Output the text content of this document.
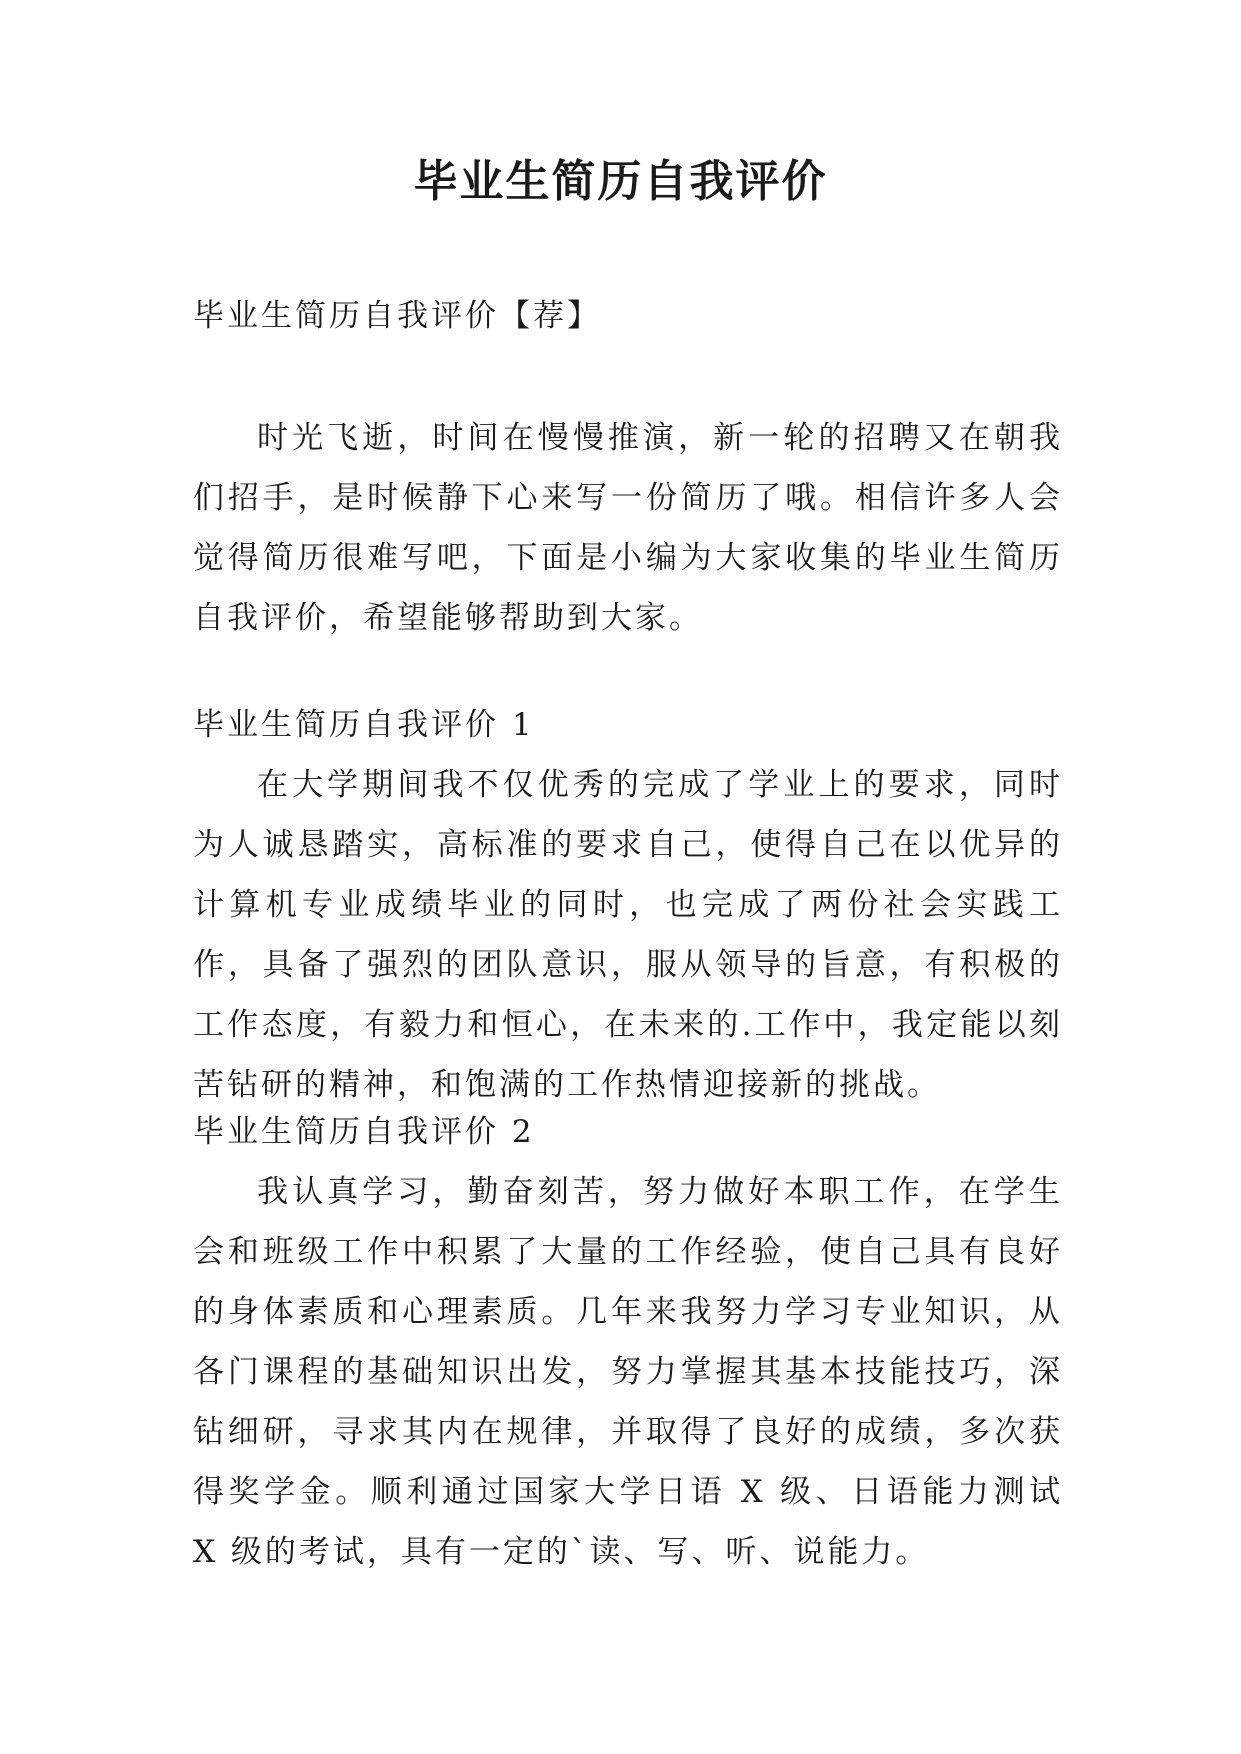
毕业生简历自我评价
毕业生简历自我评价【荐】

时光飞逝，时间在慢慢推演，新一轮的招聘又在朝我们招手，是时候静下心来写一份简历了哦。相信许多人会觉得简历很难写吧，下面是小编为大家收集的毕业生简历自我评价，希望能够帮助到大家。

毕业生简历自我评价 1

在大学期间我不仅优秀的完成了学业上的要求，同时为人诚恳踏实，高标准的要求自己，使得自己在以优异的计算机专业成绩毕业的同时，也完成了两份社会实践工作，具备了强烈的团队意识，服从领导的旨意，有积极的工作态度，有毅力和恒心，在未来的.工作中，我定能以刻苦钻研的精神，和饱满的工作热情迎接新的挑战。

毕业生简历自我评价 2

我认真学习，勤奋刻苦，努力做好本职工作，在学生会和班级工作中积累了大量的工作经验，使自己具有良好的身体素质和心理素质。几年来我努力学习专业知识，从各门课程的基础知识出发，努力掌握其基本技能技巧，深钻细研，寻求其内在规律，并取得了良好的成绩，多次获得奖学金。顺利通过国家大学日语 X 级、日语能力测试 X 级的考试，具有一定的`读、写、听、说能力。
